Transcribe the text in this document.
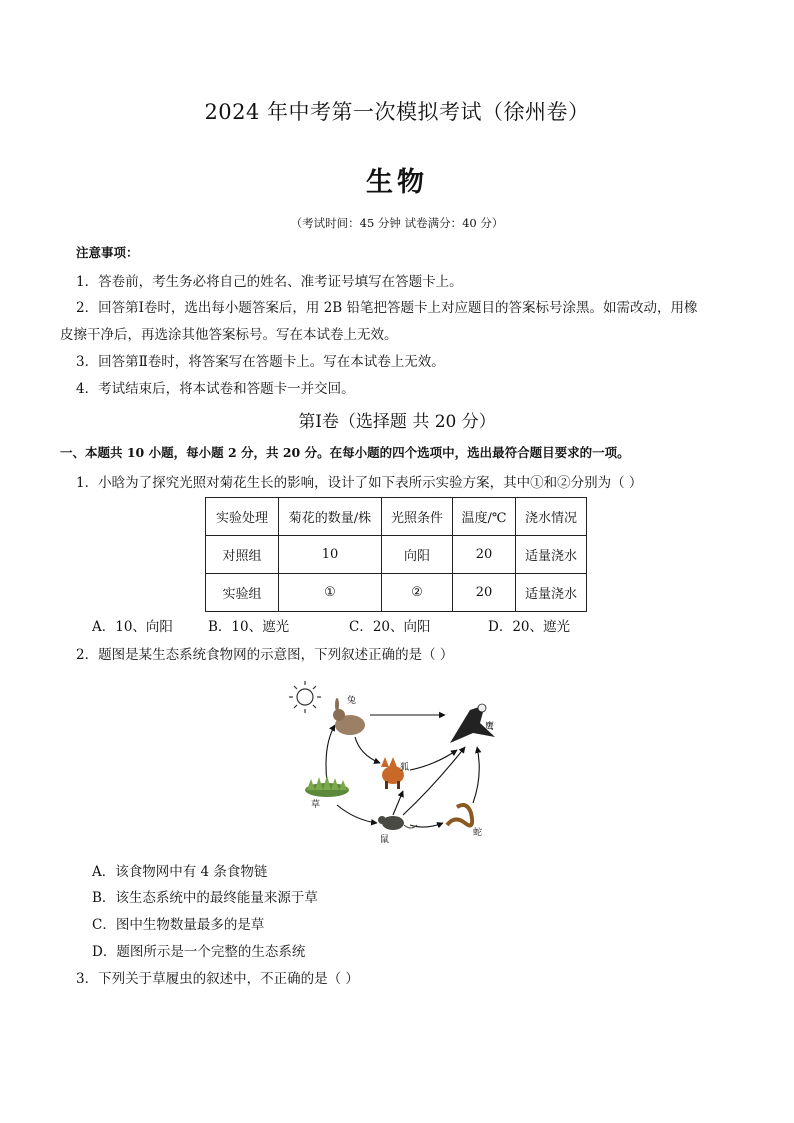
2024 年中考第一次模拟考试（徐州卷）
生物
（考试时间：45 分钟 试卷满分：40 分）
注意事项：
1．答卷前，考生务必将自己的姓名、准考证号填写在答题卡上。
2．回答第Ⅰ卷时，选出每小题答案后，用 2B 铅笔把答题卡上对应题目的答案标号涂黑。如需改动，用橡
皮擦干净后，再选涂其他答案标号。写在本试卷上无效。
3．回答第Ⅱ卷时，将答案写在答题卡上。写在本试卷上无效。
4．考试结束后，将本试卷和答题卡一并交回。
第Ⅰ卷（选择题 共 20 分）
一、本题共 10 小题，每小题 2 分，共 20 分。在每小题的四个选项中，选出最符合题目要求的一项。
1．小晗为了探究光照对菊花生长的影响，设计了如下表所示实验方案，其中①和②分别为（ ）
实验处理	菊花的数量/株	光照条件	温度/℃	浇水情况
对照组	10	向阳	20	适量浇水
实验组	①	②	20	适量浇水
A．10、向阳	B．10、遮光	C．20、向阳	D．20、遮光
2．题图是某生态系统食物网的示意图，下列叙述正确的是（ ）
兔
鹰
狐
草
鼠
蛇
A．该食物网中有 4 条食物链
B．该生态系统中的最终能量来源于草
C．图中生物数量最多的是草
D．题图所示是一个完整的生态系统
3．下列关于草履虫的叙述中，不正确的是（ ）
